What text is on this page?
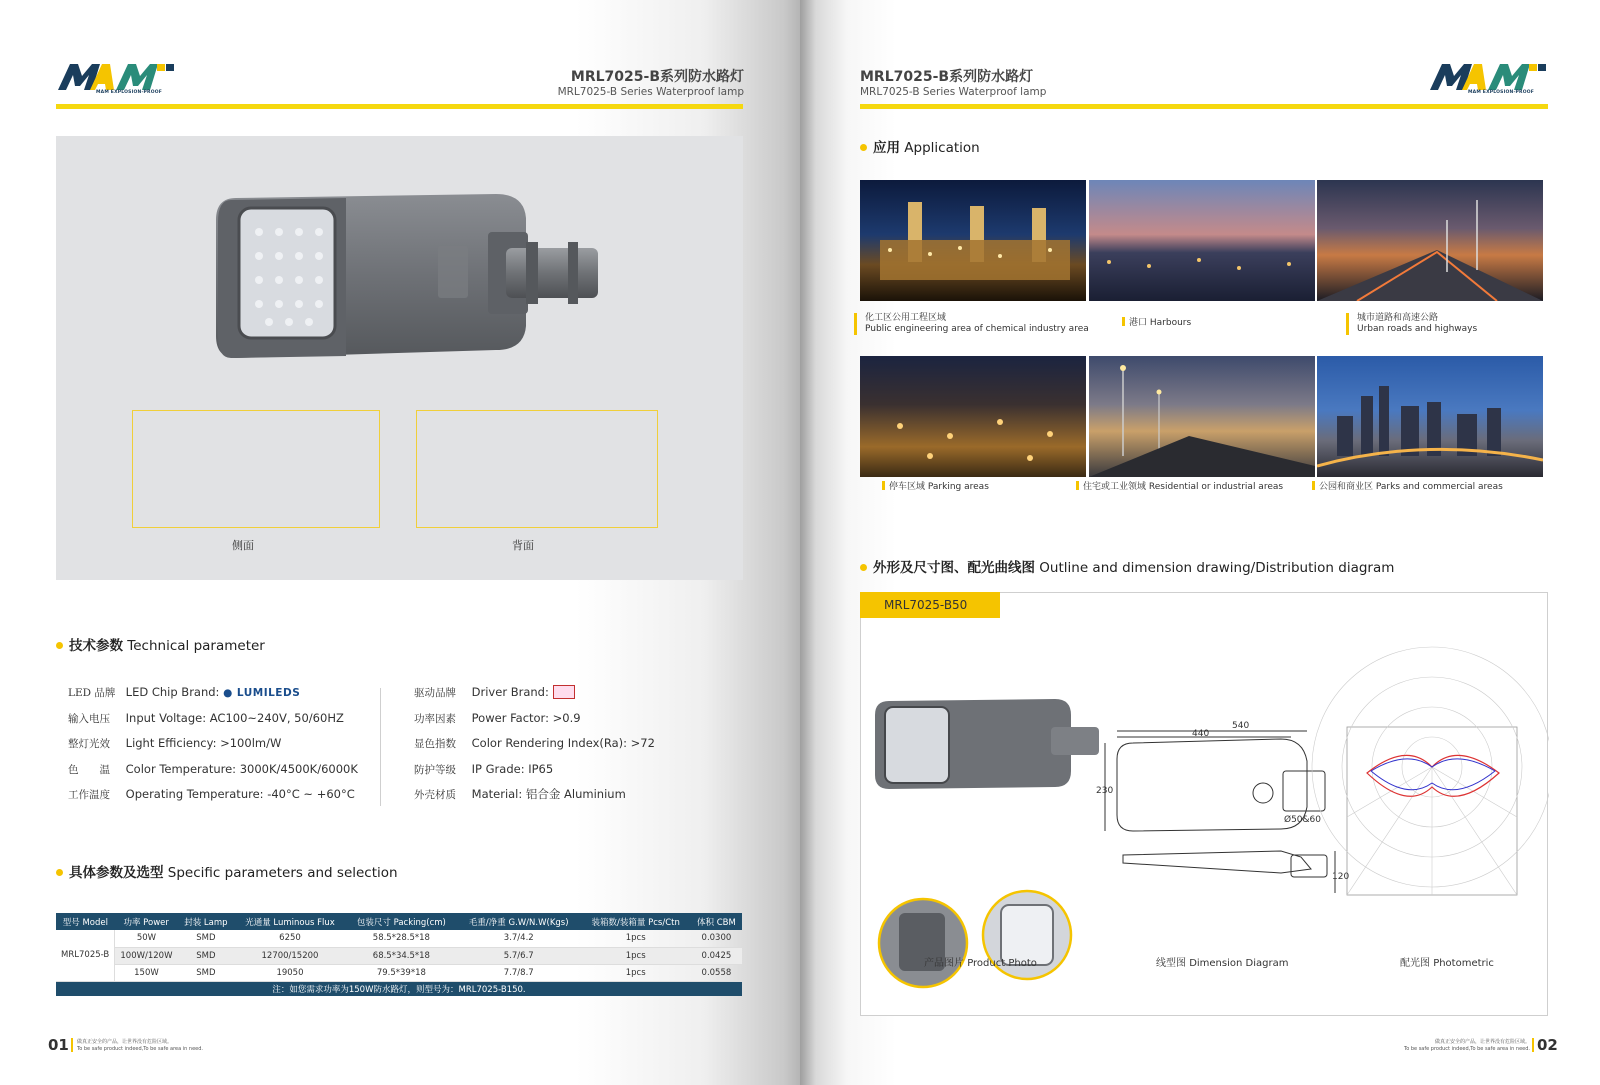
MAM EXPLOSION-PROOF
MRL7025-B系列防水路灯
MRL7025-B Series Waterproof lamp
侧面	背面
技术参数 Technical parameter
LED 品牌 LED Chip Brand: ● LUMILEDS
输入电压 Input Voltage: AC100~240V, 50/60HZ
整灯光效 Light Efficiency: >100lm/W
色　　温 Color Temperature: 3000K/4500K/6000K
工作温度 Operating Temperature: -40°C ~ +60°C
驱动品牌 Driver Brand:
功率因素 Power Factor: >0.9
显色指数 Color Rendering Index(Ra): >72
防护等级 IP Grade: IP65
外壳材质 Material: 铝合金 Aluminium
具体参数及选型 Specific parameters and selection
型号 Model	功率 Power	封装 Lamp	光通量 Luminous Flux	包装尺寸 Packing(cm)	毛重/净重 G.W/N.W(Kgs)	装箱数/装箱量 Pcs/Ctn	体积 CBM
MRL7025-B	50W	SMD	6250	58.5*28.5*18	3.7/4.2	1pcs	0.0300
	100W/120W	SMD	12700/15200	68.5*34.5*18	5.7/6.7	1pcs	0.0425
	150W	SMD	19050	79.5*39*18	7.7/8.7	1pcs	0.0558
注：如您需求功率为150W防水路灯，则型号为：MRL7025-B150.							
01 做真正安全的产品，让世界没有危险区域。
To be safe product indeed,To be safe area in need.
MRL7025-B系列防水路灯
MRL7025-B Series Waterproof lamp	MAM EXPLOSION-PROOF
应用 Application
化工区公用工程区域
Public engineering area of chemical industry area
港口 Harbours	城市道路和高速公路
Urban roads and highways
停车区域 Parking areas	住宅或工业领域 Residential or industrial areas	公园和商业区 Parks and commercial areas
外形及尺寸图、配光曲线图 Outline and dimension drawing/Distribution diagram
MRL7025-B50
540
440
230
Ø50&60
120
产品图片 Product Photo	线型图 Dimension Diagram	配光图 Photometric
做真正安全的产品，让世界没有危险区域。
To be safe product indeed,To be safe area in need. 02
